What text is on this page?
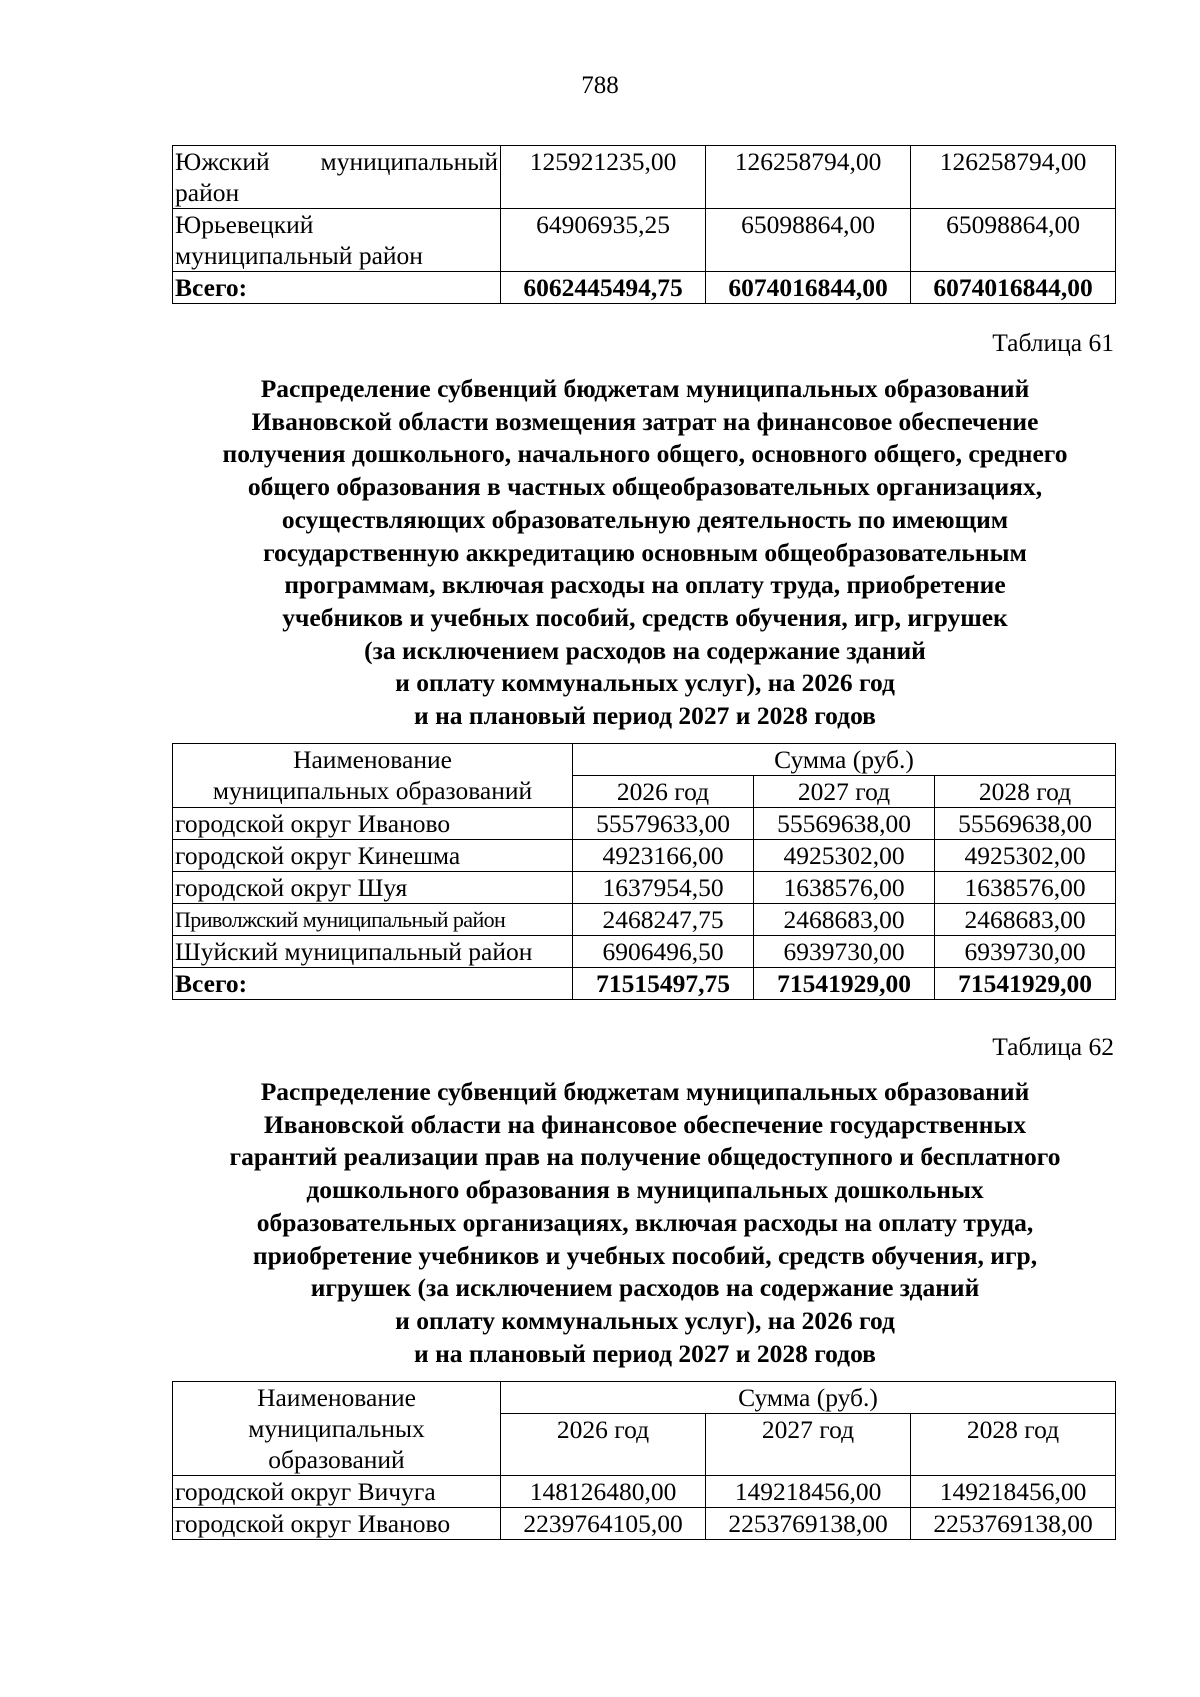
788
Южский муниципальный
район	125921235,00	126258794,00	126258794,00

Юрьевецкий
муниципальный район	64906935,25	65098864,00	65098864,00
Всего:	6062445494,75	6074016844,00	6074016844,00
Таблица 61
Распределение субвенций бюджетам муниципальных образований
Ивановской области возмещения затрат на финансовое обеспечение
получения дошкольного, начального общего, основного общего, среднего
общего образования в частных общеобразовательных организациях,
осуществляющих образовательную деятельность по имеющим
государственную аккредитацию основным общеобразовательным
программам, включая расходы на оплату труда, приобретение
учебников и учебных пособий, средств обучения, игр, игрушек
(за исключением расходов на содержание зданий
и оплату коммунальных услуг), на 2026 год
и на плановый период 2027 и 2028 годов
Наименование
муниципальных образований	Сумма (руб.)		
	2026 год	2027 год	2028 год
городской округ Иваново	55579633,00	55569638,00	55569638,00
городской округ Кинешма	4923166,00	4925302,00	4925302,00
городской округ Шуя	1637954,50	1638576,00	1638576,00
Приволжский муниципальный район	2468247,75	2468683,00	2468683,00
Шуйский муниципальный район	6906496,50	6939730,00	6939730,00
Всего:	71515497,75	71541929,00	71541929,00
Таблица 62
Распределение субвенций бюджетам муниципальных образований
Ивановской области на финансовое обеспечение государственных
гарантий реализации прав на получение общедоступного и бесплатного
дошкольного образования в муниципальных дошкольных
образовательных организациях, включая расходы на оплату труда,
приобретение учебников и учебных пособий, средств обучения, игр,
игрушек (за исключением расходов на содержание зданий
и оплату коммунальных услуг), на 2026 год
и на плановый период 2027 и 2028 годов
Наименование
муниципальных
образований	Сумма (руб.)		
	2026 год	2027 год	2028 год
городской округ Вичуга	148126480,00	149218456,00	149218456,00
городской округ Иваново	2239764105,00	2253769138,00	2253769138,00
